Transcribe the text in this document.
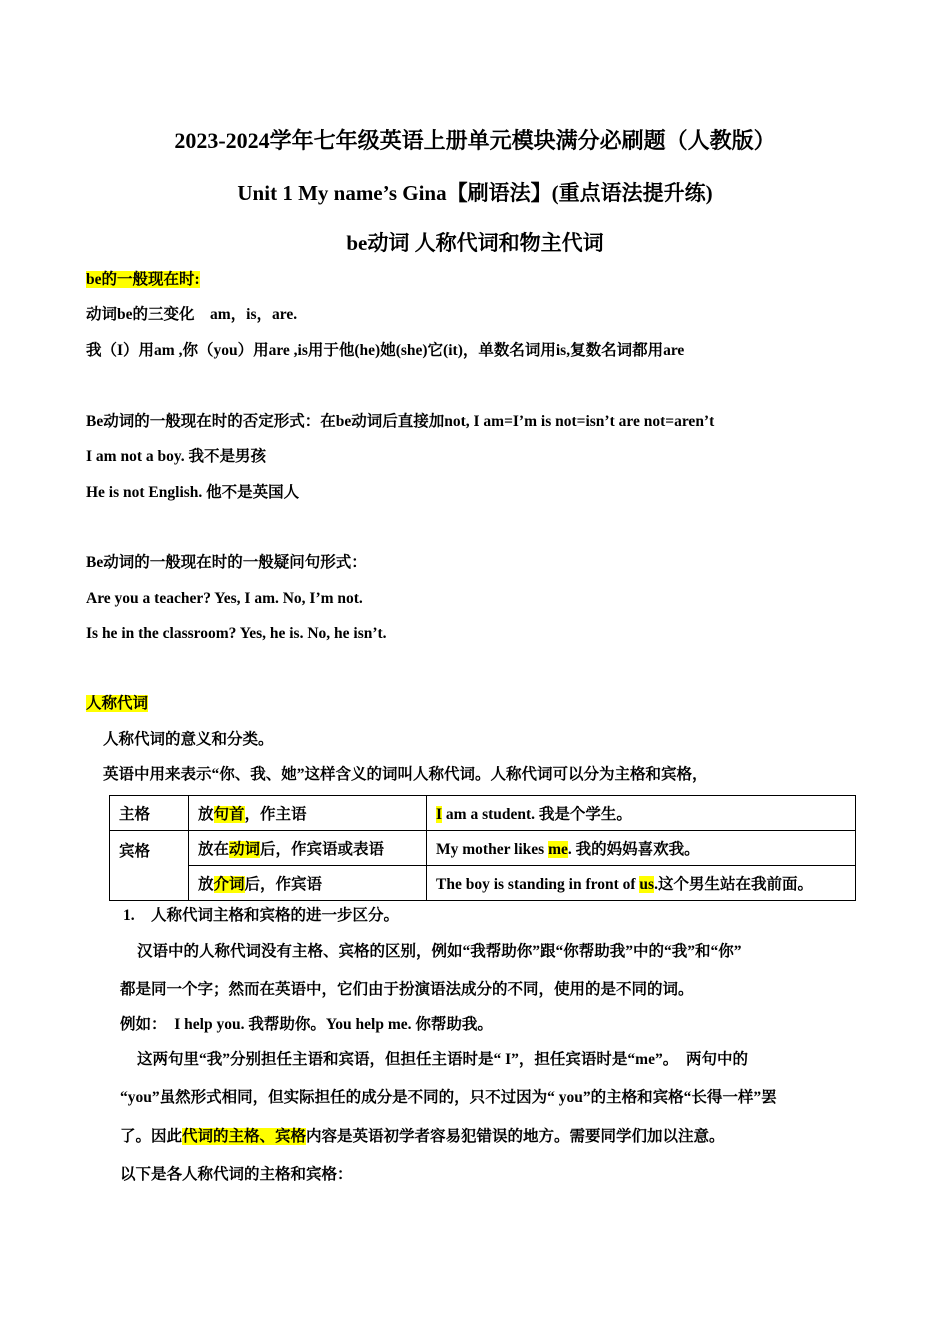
2023-2024学年七年级英语上册单元模块满分必刷题（人教版）
Unit 1 My name’s Gina【刷语法】(重点语法提升练)
be动词 人称代词和物主代词
be的一般现在时:
动词be的三变化　am，is，are.
我（I）用am ,你（you）用are ,is用于他(he)她(she)它(it)，单数名词用is,复数名词都用are
Be动词的一般现在时的否定形式：在be动词后直接加not, I am=I’m is not=isn’t are not=aren’t
I am not a boy. 我不是男孩
He is not English. 他不是英国人
Be动词的一般现在时的一般疑问句形式：
Are you a teacher? Yes, I am. No, I’m not.
Is he in the classroom? Yes, he is. No, he isn’t.
人称代词
人称代词的意义和分类。
英语中用来表示“你、我、她”这样含义的词叫人称代词。人称代词可以分为主格和宾格，
主格	放句首，作主语	I am a student. 我是个学生。
宾格	放在动词后，作宾语或表语	My mother likes me. 我的妈妈喜欢我。
	放介词后，作宾语	The boy is standing in front of us.这个男生站在我前面。
1. 人称代词主格和宾格的进一步区分。
汉语中的人称代词没有主格、宾格的区别，例如“我帮助你”跟“你帮助我”中的“我”和“你”
都是同一个字；然而在英语中，它们由于扮演语法成分的不同，使用的是不同的词。
例如：　I help you. 我帮助你。You help me. 你帮助我。
这两句里“我”分别担任主语和宾语，但担任主语时是“ I”，担任宾语时是“me”。　两句中的
“you”虽然形式相同，但实际担任的成分是不同的，只不过因为“ you”的主格和宾格“长得一样”罢
了。因此代词的主格、宾格内容是英语初学者容易犯错误的地方。需要同学们加以注意。
以下是各人称代词的主格和宾格：
